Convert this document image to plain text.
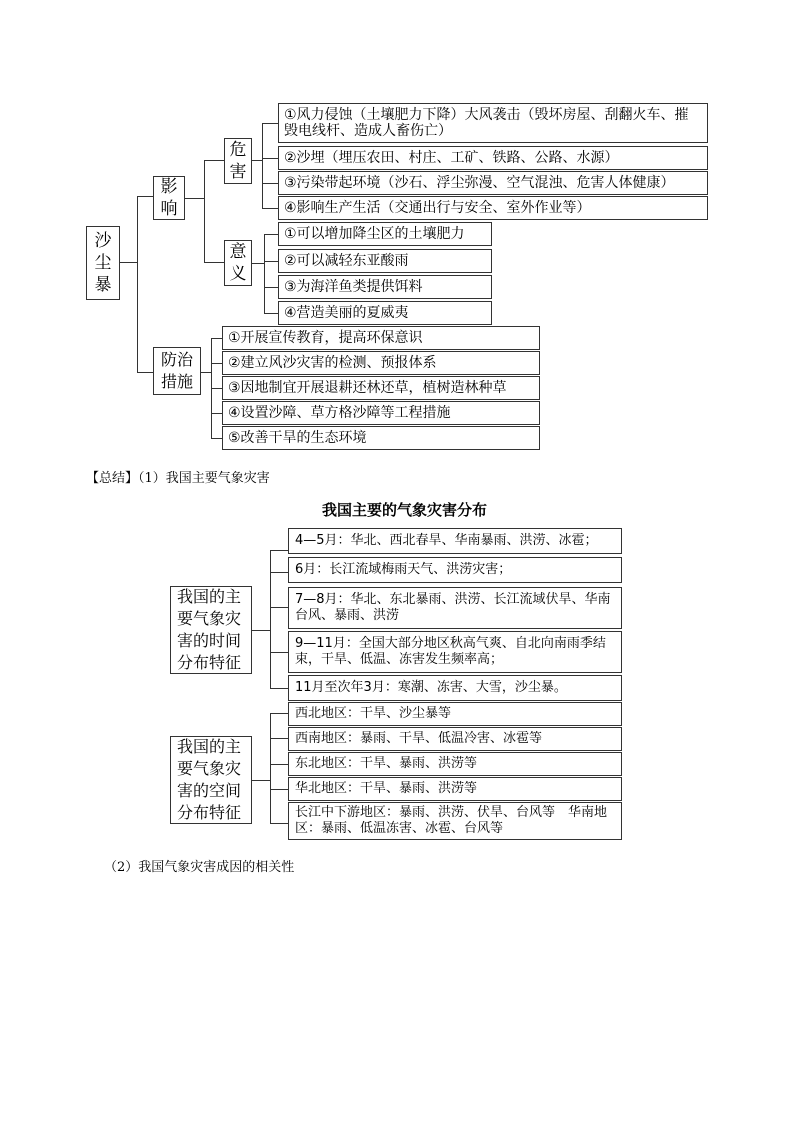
沙
尘
暴
影
响
危
害
①风力侵蚀（土壤肥力下降）大风袭击（毁坏房屋、刮翻火车、摧毁电线杆、造成人畜伤亡）
②沙埋（埋压农田、村庄、工矿、铁路、公路、水源）
③污染带起环境（沙石、浮尘弥漫、空气混浊、危害人体健康）
④影响生产生活（交通出行与安全、室外作业等）
意
义
①可以增加降尘区的土壤肥力
②可以减轻东亚酸雨
③为海洋鱼类提供饵料
④营造美丽的夏威夷
防治
措施
①开展宣传教育，提高环保意识
②建立风沙灾害的检测、预报体系
③因地制宜开展退耕还林还草，植树造林种草
④设置沙障、草方格沙障等工程措施
⑤改善干旱的生态环境
【总结】（1）我国主要气象灾害
我国主要的气象灾害分布
我国的主要气象灾害的时间分布特征
4—5月：华北、西北春旱、华南暴雨、洪涝、冰雹；
6月：长江流域梅雨天气、洪涝灾害；
7—8月：华北、东北暴雨、洪涝、长江流域伏旱、华南台风、暴雨、洪涝
9—11月：全国大部分地区秋高气爽、自北向南雨季结束，干旱、低温、冻害发生频率高；
11月至次年3月：寒潮、冻害、大雪，沙尘暴。
我国的主要气象灾害的空间分布特征
西北地区：干旱、沙尘暴等
西南地区：暴雨、干旱、低温冷害、冰雹等
东北地区：干旱、暴雨、洪涝等
华北地区：干旱、暴雨、洪涝等
长江中下游地区：暴雨、洪涝、伏旱、台风等　华南地区：暴雨、低温冻害、冰雹、台风等
（2）我国气象灾害成因的相关性
